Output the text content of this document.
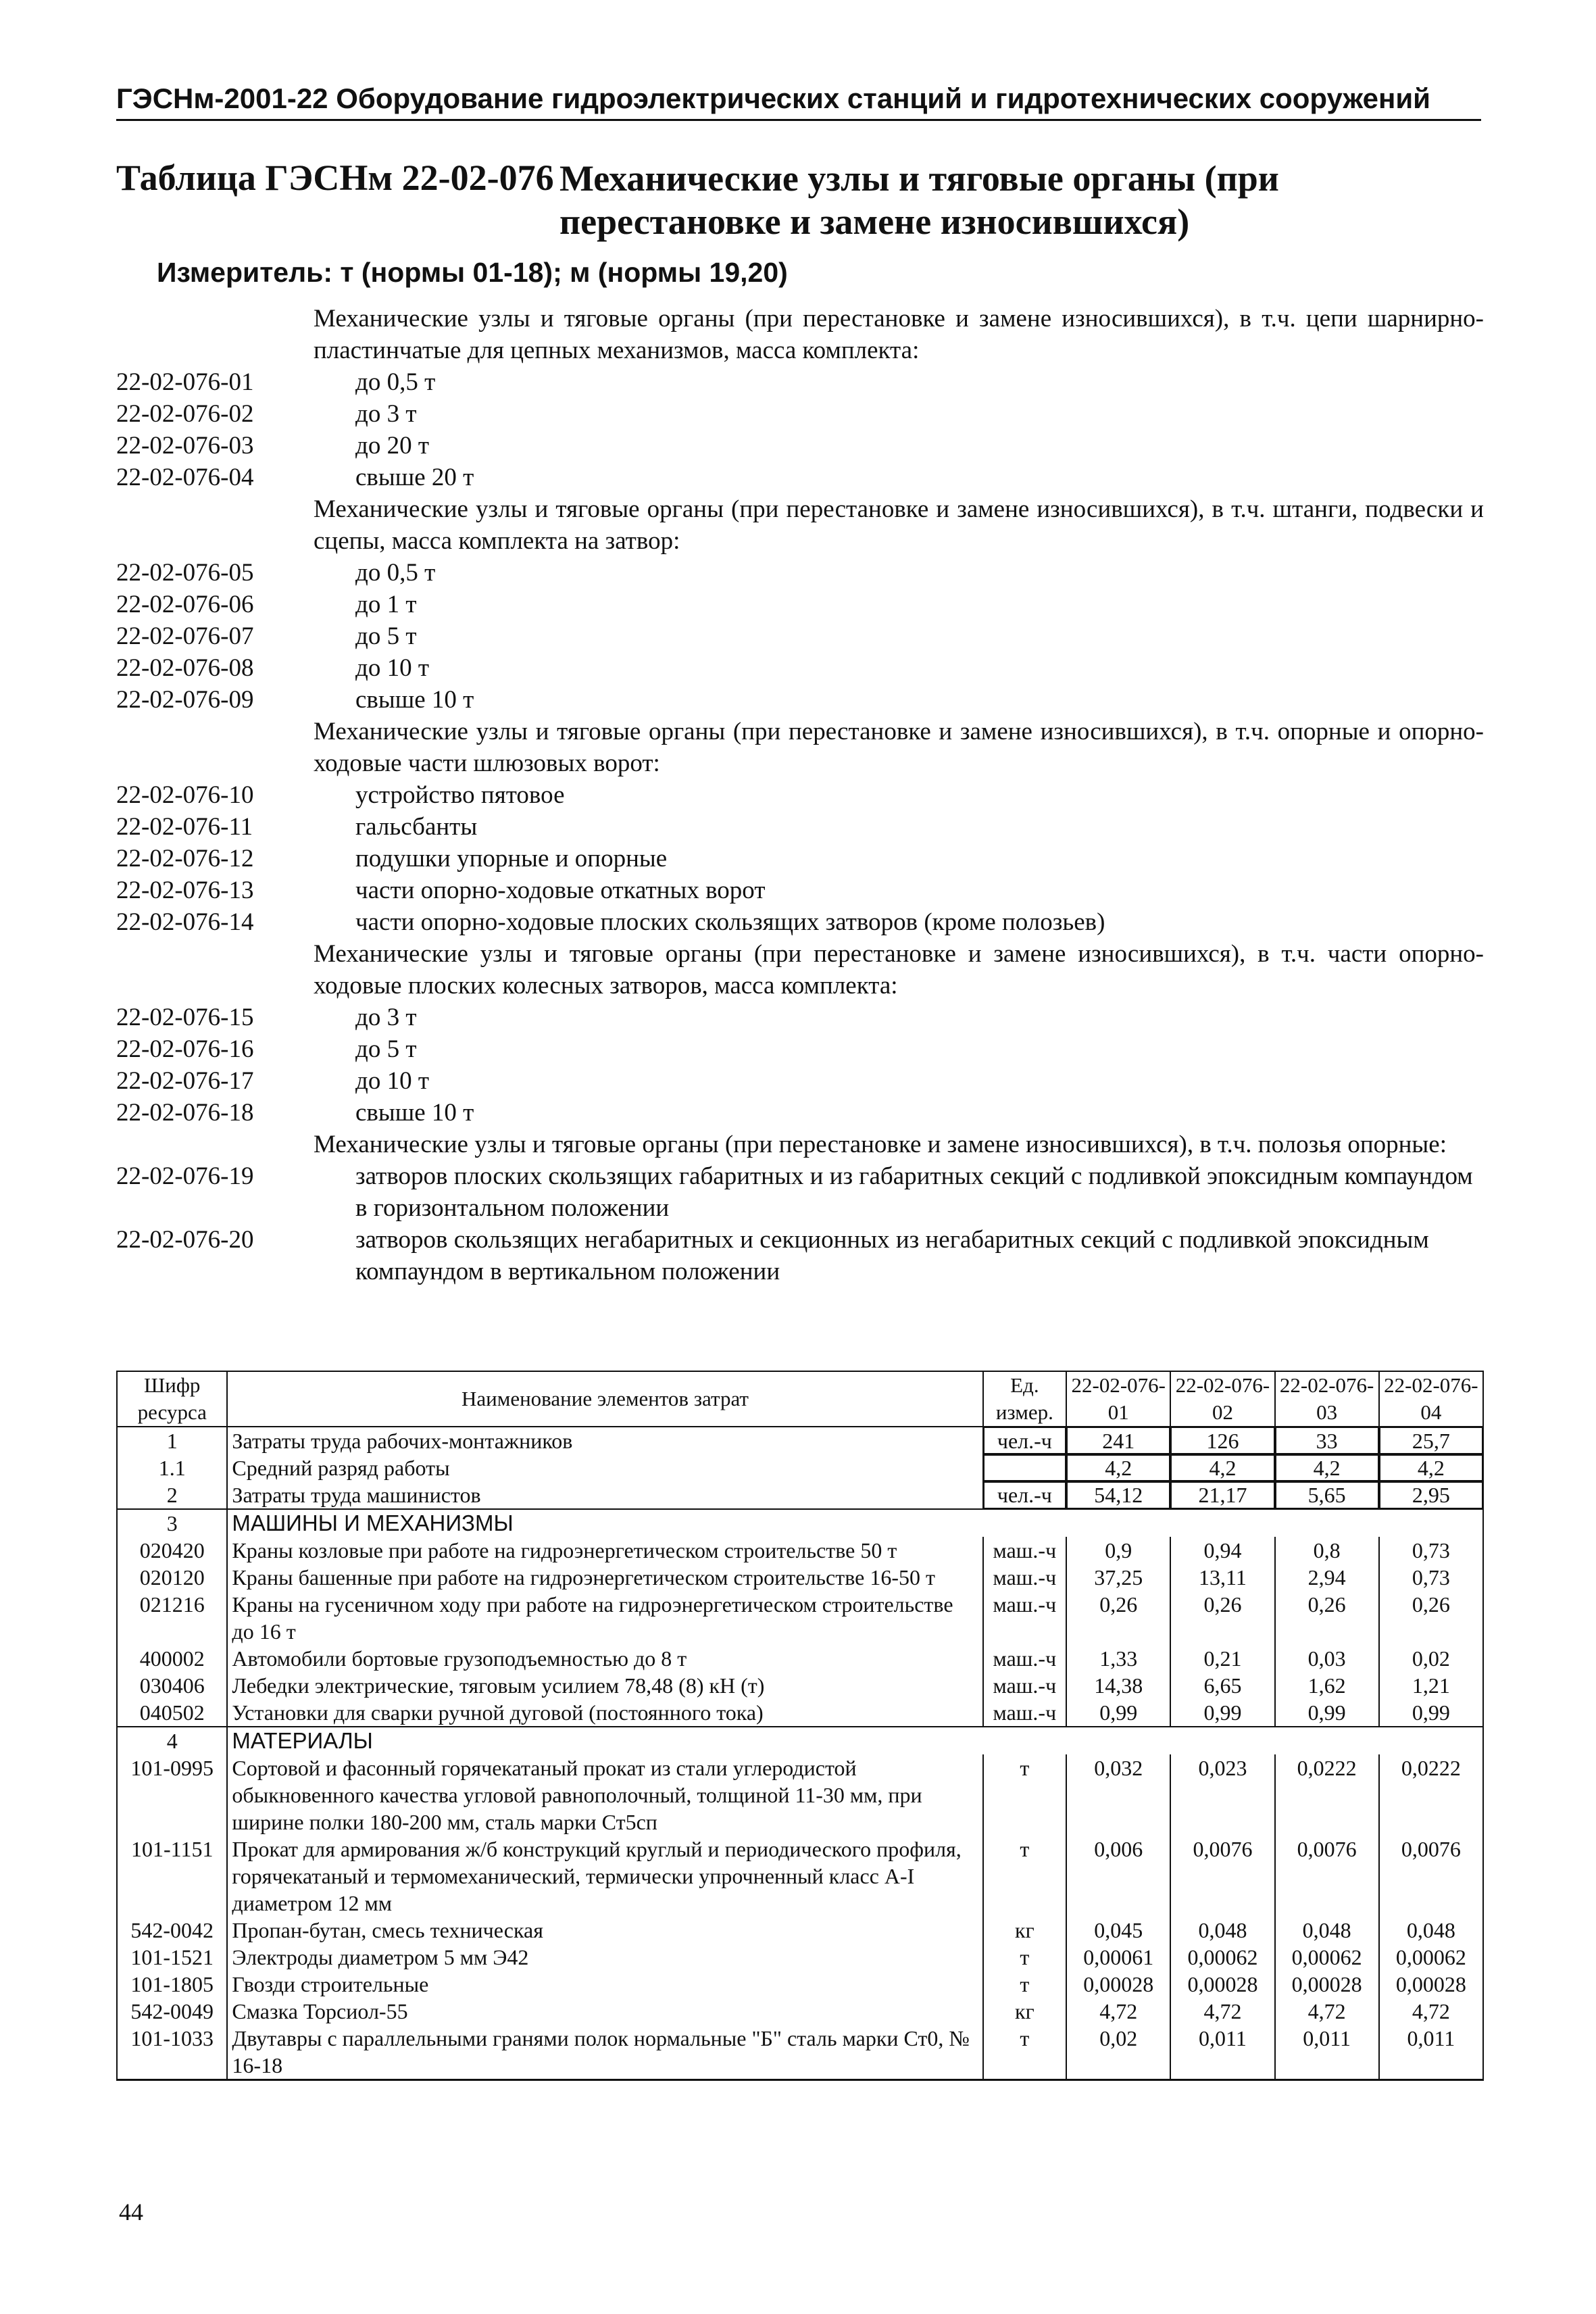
ГЭСНм-2001-22 Оборудование гидроэлектрических станций и гидротехнических сооружений
Таблица ГЭСНм 22-02-076 Механические узлы и тяговые органы (при перестановке и замене износившихся)
Измеритель: т (нормы 01-18); м (нормы 19,20)
Механические узлы и тяговые органы (при перестановке и замене износившихся), в т.ч. цепи шарнирно-пластинчатые для цепных механизмов, масса комплекта:
22-02-076-01	до 0,5 т
22-02-076-02	до 3 т
22-02-076-03	до 20 т
22-02-076-04	свыше 20 т
Механические узлы и тяговые органы (при перестановке и замене износившихся), в т.ч. штанги, подвески и сцепы, масса комплекта на затвор:
22-02-076-05	до 0,5 т
22-02-076-06	до 1 т
22-02-076-07	до 5 т
22-02-076-08	до 10 т
22-02-076-09	свыше 10 т
Механические узлы и тяговые органы (при перестановке и замене износившихся), в т.ч. опорные и опорно-ходовые части шлюзовых ворот:
22-02-076-10	устройство пятовое
22-02-076-11	гальсбанты
22-02-076-12	подушки упорные и опорные
22-02-076-13	части опорно-ходовые откатных ворот
22-02-076-14	части опорно-ходовые плоских скользящих затворов (кроме полозьев)
Механические узлы и тяговые органы (при перестановке и замене износившихся), в т.ч. части опорно-ходовые плоских колесных затворов, масса комплекта:
22-02-076-15	до 3 т
22-02-076-16	до 5 т
22-02-076-17	до 10 т
22-02-076-18	свыше 10 т
Механические узлы и тяговые органы (при перестановке и замене износившихся), в т.ч. полозья опорные:
22-02-076-19	затворов плоских скользящих габаритных и из габаритных секций с подливкой эпоксидным компаундом в горизонтальном положении
22-02-076-20	затворов скользящих негабаритных и секционных из негабаритных секций с подливкой эпоксидным компаундом в вертикальном положении
Шифр ресурса	Наименование элементов затрат	Ед. измер.	22-02-076-01	22-02-076-02	22-02-076-03	22-02-076-04
1	Затраты труда рабочих-монтажников	чел.-ч	241	126	33	25,7
1.1	Средний разряд работы		4,2	4,2	4,2	4,2
2	Затраты труда машинистов	чел.-ч	54,12	21,17	5,65	2,95
3	МАШИНЫ И МЕХАНИЗМЫ					
020420	Краны козловые при работе на гидроэнергетическом строительстве 50 т	маш.-ч	0,9	0,94	0,8	0,73
020120	Краны башенные при работе на гидроэнергетическом строительстве 16-50 т	маш.-ч	37,25	13,11	2,94	0,73
021216	Краны на гусеничном ходу при работе на гидроэнергетическом строительстве до 16 т	маш.-ч	0,26	0,26	0,26	0,26
400002	Автомобили бортовые грузоподъемностью до 8 т	маш.-ч	1,33	0,21	0,03	0,02
030406	Лебедки электрические, тяговым усилием 78,48 (8) кН (т)	маш.-ч	14,38	6,65	1,62	1,21
040502	Установки для сварки ручной дуговой (постоянного тока)	маш.-ч	0,99	0,99	0,99	0,99
4	МАТЕРИАЛЫ					
101-0995	Сортовой и фасонный горячекатаный прокат из стали углеродистой обыкновенного качества угловой равнополочный, толщиной 11-30 мм, при ширине полки 180-200 мм, сталь марки Ст5сп	т	0,032	0,023	0,0222	0,0222
101-1151	Прокат для армирования ж/б конструкций круглый и периодического профиля, горячекатаный и термомеханический, термически упрочненный класс А-I диаметром 12 мм	т	0,006	0,0076	0,0076	0,0076
542-0042	Пропан-бутан, смесь техническая	кг	0,045	0,048	0,048	0,048
101-1521	Электроды диаметром 5 мм Э42	т	0,00061	0,00062	0,00062	0,00062
101-1805	Гвозди строительные	т	0,00028	0,00028	0,00028	0,00028
542-0049	Смазка Торсиол-55	кг	4,72	4,72	4,72	4,72
101-1033	Двутавры с параллельными гранями полок нормальные "Б" сталь марки Ст0, № 16-18	т	0,02	0,011	0,011	0,011
44
